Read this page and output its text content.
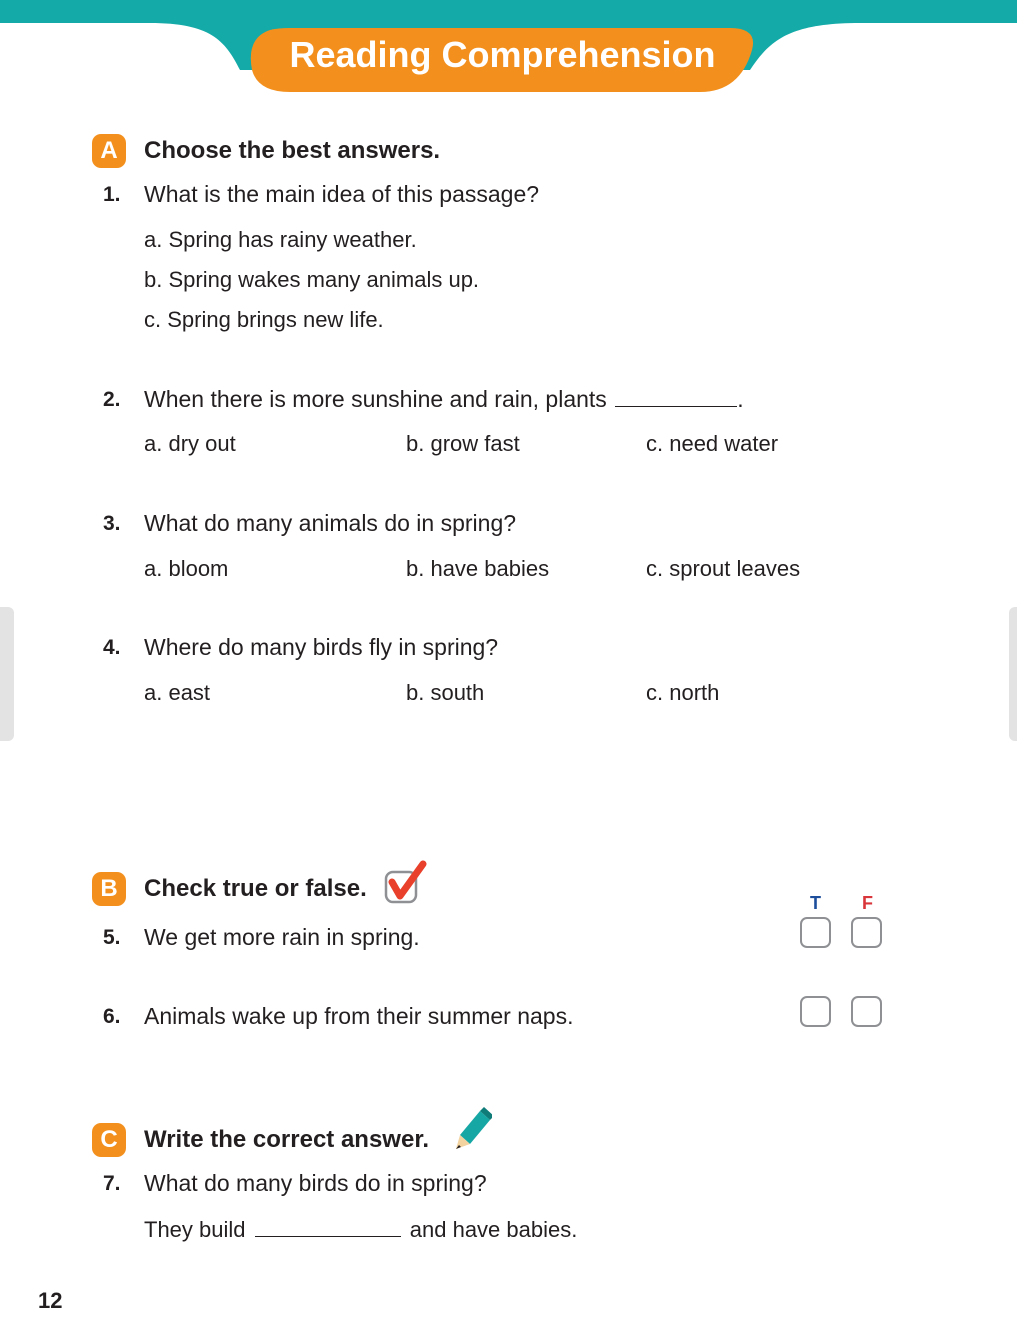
Reading Comprehension
A	Choose the best answers.
1. What is the main idea of this passage?
a. Spring has rainy weather.
b. Spring wakes many animals up.
c. Spring brings new life.
2. When there is more sunshine and rain, plants	.
a. dry out	b. grow fast	c. need water
3. What do many animals do in spring?
a. bloom	b. have babies	c. sprout leaves
4. Where do many birds fly in spring?
a. east	b. south	c. north
B	Check true or false.
T F
5. We get more rain in spring.
6. Animals wake up from their summer naps.
C	Write the correct answer.
7. What do many birds do in spring?
They build	and have babies.
12
